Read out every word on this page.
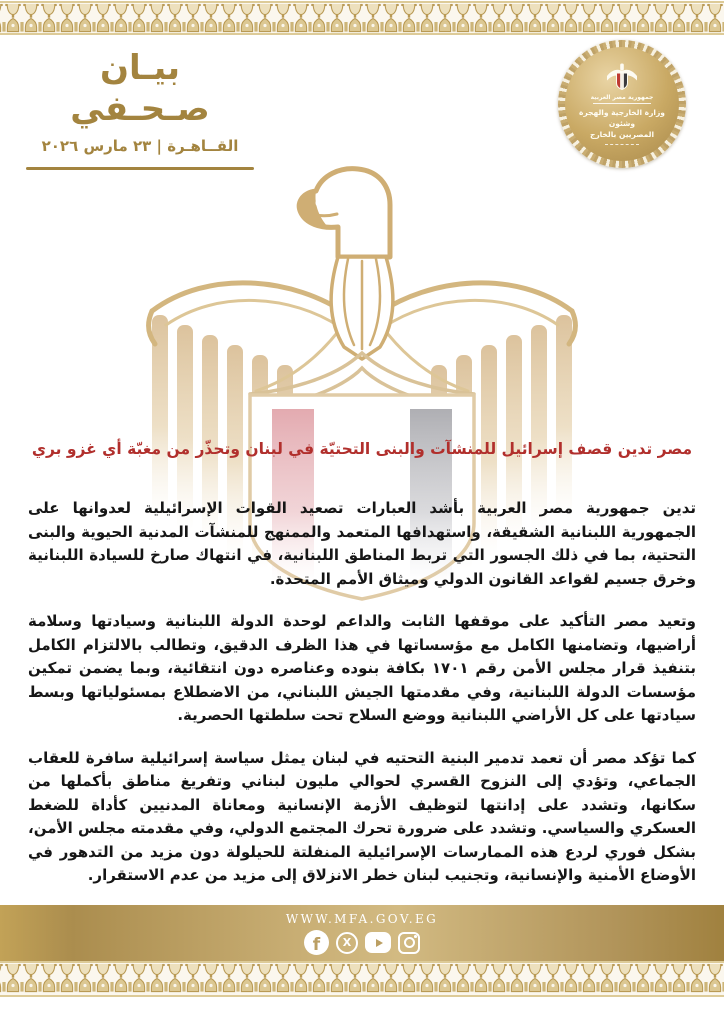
بيـان صـحـفي
القــاهـرة | ٢٣ مارس ٢٠٢٦
جمهورية مصر العربية
وزارة الخارجية والهجرة وشئون
المصريين بالخارج
مصر تدين قصف إسرائيل للمنشآت والبنى التحتيّة في لبنان وتحذّر من مغبّة أي غزو بري

تدين جمهورية مصر العربية بأشد العبارات تصعيد القوات الإسرائيلية لعدوانها على الجمهورية اللبنانية الشقيقة، واستهدافها المتعمد والممنهج للمنشآت المدنية الحيوية والبنى التحتية، بما في ذلك الجسور التي تربط المناطق اللبنانية، في انتهاك صارخ للسيادة اللبنانية وخرق جسيم لقواعد القانون الدولي وميثاق الأمم المتحدة.

وتعيد مصر التأكيد على موقفها الثابت والداعم لوحدة الدولة اللبنانية وسيادتها وسلامة أراضيها، وتضامنها الكامل مع مؤسساتها في هذا الظرف الدقيق، وتطالب بالالتزام الكامل بتنفيذ قرار مجلس الأمن رقم ١٧٠١ بكافة بنوده وعناصره دون انتقائية، وبما يضمن تمكين مؤسسات الدولة اللبنانية، وفي مقدمتها الجيش اللبناني، من الاضطلاع بمسئولياتها وبسط سيادتها على كل الأراضي اللبنانية ووضع السلاح تحت سلطتها الحصرية.

كما تؤكد مصر أن تعمد تدمير البنية التحتيه في لبنان يمثل سياسة إسرائيلية سافرة للعقاب الجماعي، وتؤدي إلى النزوح القسري لحوالي مليون لبناني وتفريغ مناطق بأكملها من سكانها، وتشدد على إدانتها لتوظيف الأزمة الإنسانية ومعاناة المدنيين كأداة للضغط العسكري والسياسي. وتشدد على ضرورة تحرك المجتمع الدولي، وفي مقدمته مجلس الأمن، بشكل فوري لردع هذه الممارسات الإسرائيلية المنفلتة للحيلولة دون مزيد من التدهور في الأوضاع الأمنية والإنسانية، وتجنيب لبنان خطر الانزلاق إلى مزيد من عدم الاستقرار.

WWW.MFA.GOV.EG
f X
